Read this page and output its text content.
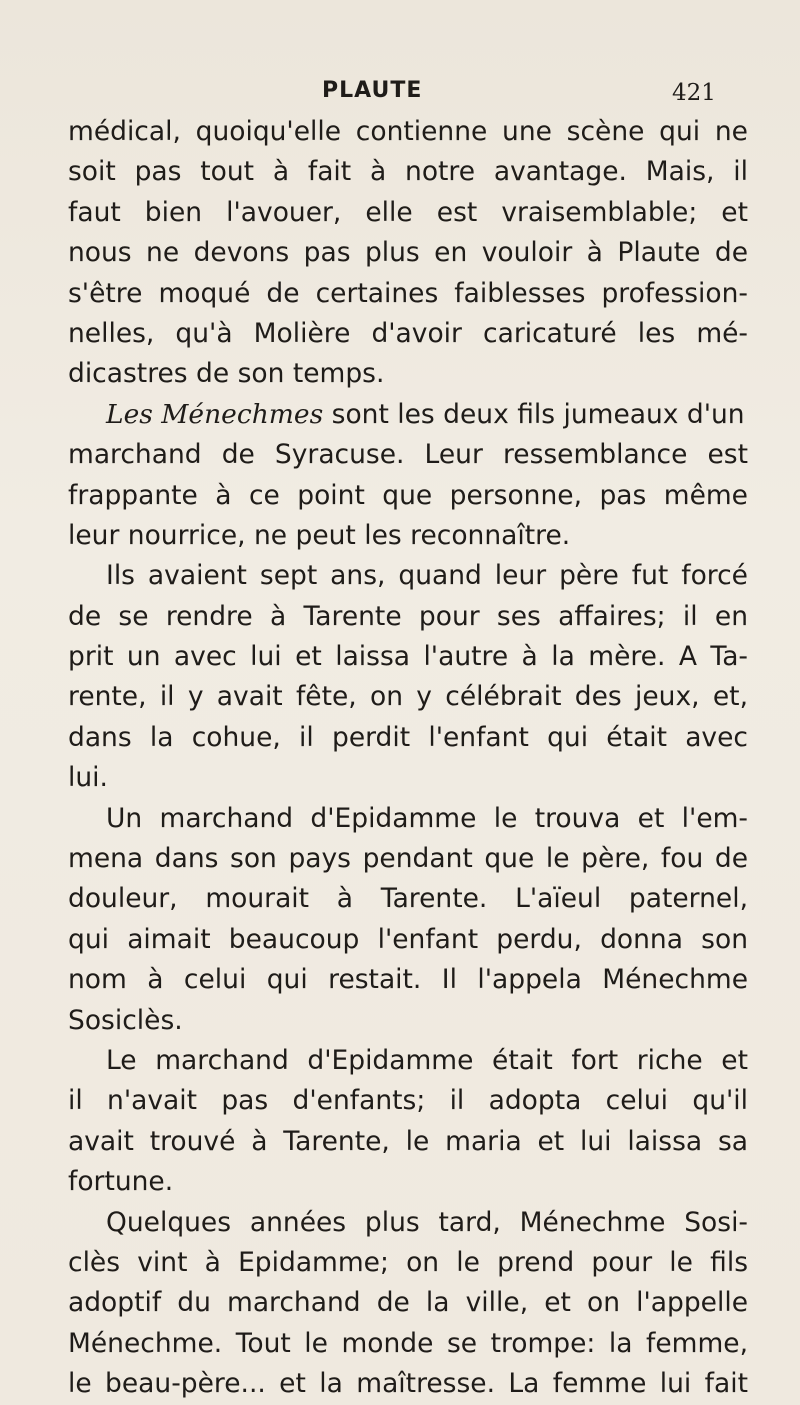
PLAUTE	421
médical, quoiqu'elle contienne une scène qui ne
soit pas tout à fait à notre avantage. Mais, il
faut bien l'avouer, elle est vraisemblable; et
nous ne devons pas plus en vouloir à Plaute de
s'être moqué de certaines faiblesses profession-
nelles, qu'à Molière d'avoir caricaturé les mé-
dicastres de son temps.
Les Ménechmes sont les deux fils jumeaux d'un
marchand de Syracuse. Leur ressemblance est
frappante à ce point que personne, pas même
leur nourrice, ne peut les reconnaître.
Ils avaient sept ans, quand leur père fut forcé
de se rendre à Tarente pour ses affaires; il en
prit un avec lui et laissa l'autre à la mère. A Ta-
rente, il y avait fête, on y célébrait des jeux, et,
dans la cohue, il perdit l'enfant qui était avec
lui.
Un marchand d'Epidamme le trouva et l'em-
mena dans son pays pendant que le père, fou de
douleur, mourait à Tarente. L'aïeul paternel,
qui aimait beaucoup l'enfant perdu, donna son
nom à celui qui restait. Il l'appela Ménechme
Sosiclès.
Le marchand d'Epidamme était fort riche et
il n'avait pas d'enfants; il adopta celui qu'il
avait trouvé à Tarente, le maria et lui laissa sa
fortune.
Quelques années plus tard, Ménechme Sosi-
clès vint à Epidamme; on le prend pour le fils
adoptif du marchand de la ville, et on l'appelle
Ménechme. Tout le monde se trompe: la femme,
le beau-père... et la maîtresse. La femme lui fait
